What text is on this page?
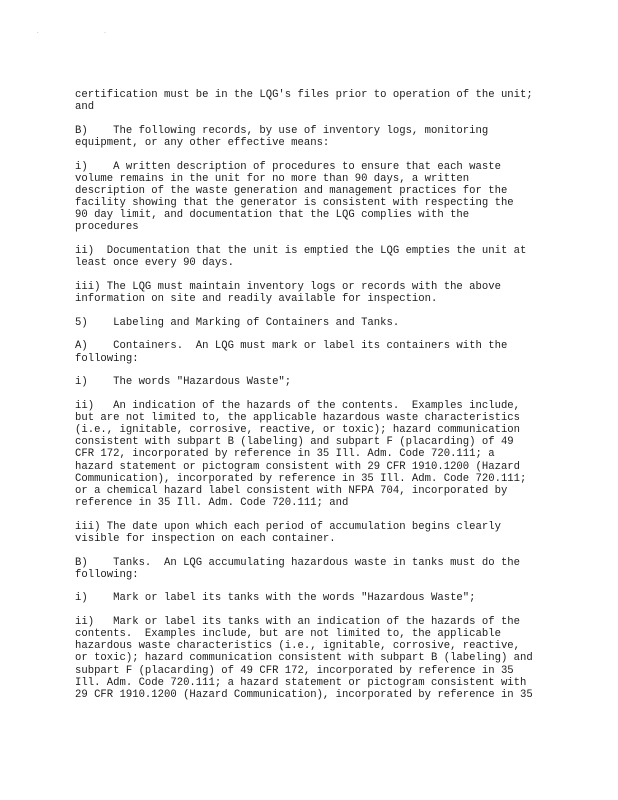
. .

certification must be in the LQG's files prior to operation of the unit;
and

B)    The following records, by use of inventory logs, monitoring
equipment, or any other effective means:

i)    A written description of procedures to ensure that each waste
volume remains in the unit for no more than 90 days, a written
description of the waste generation and management practices for the
facility showing that the generator is consistent with respecting the
90 day limit, and documentation that the LQG complies with the
procedures

ii)  Documentation that the unit is emptied the LQG empties the unit at
least once every 90 days.

iii) The LQG must maintain inventory logs or records with the above
information on site and readily available for inspection.

5)    Labeling and Marking of Containers and Tanks.

A)    Containers.  An LQG must mark or label its containers with the
following:

i)    The words "Hazardous Waste";

ii)   An indication of the hazards of the contents.  Examples include,
but are not limited to, the applicable hazardous waste characteristics
(i.e., ignitable, corrosive, reactive, or toxic); hazard communication
consistent with subpart B (labeling) and subpart F (placarding) of 49
CFR 172, incorporated by reference in 35 Ill. Adm. Code 720.111; a
hazard statement or pictogram consistent with 29 CFR 1910.1200 (Hazard
Communication), incorporated by reference in 35 Ill. Adm. Code 720.111;
or a chemical hazard label consistent with NFPA 704, incorporated by
reference in 35 Ill. Adm. Code 720.111; and

iii) The date upon which each period of accumulation begins clearly
visible for inspection on each container.

B)    Tanks.  An LQG accumulating hazardous waste in tanks must do the
following:

i)    Mark or label its tanks with the words "Hazardous Waste";

ii)   Mark or label its tanks with an indication of the hazards of the
contents.  Examples include, but are not limited to, the applicable
hazardous waste characteristics (i.e., ignitable, corrosive, reactive,
or toxic); hazard communication consistent with subpart B (labeling) and
subpart F (placarding) of 49 CFR 172, incorporated by reference in 35
Ill. Adm. Code 720.111; a hazard statement or pictogram consistent with
29 CFR 1910.1200 (Hazard Communication), incorporated by reference in 35
